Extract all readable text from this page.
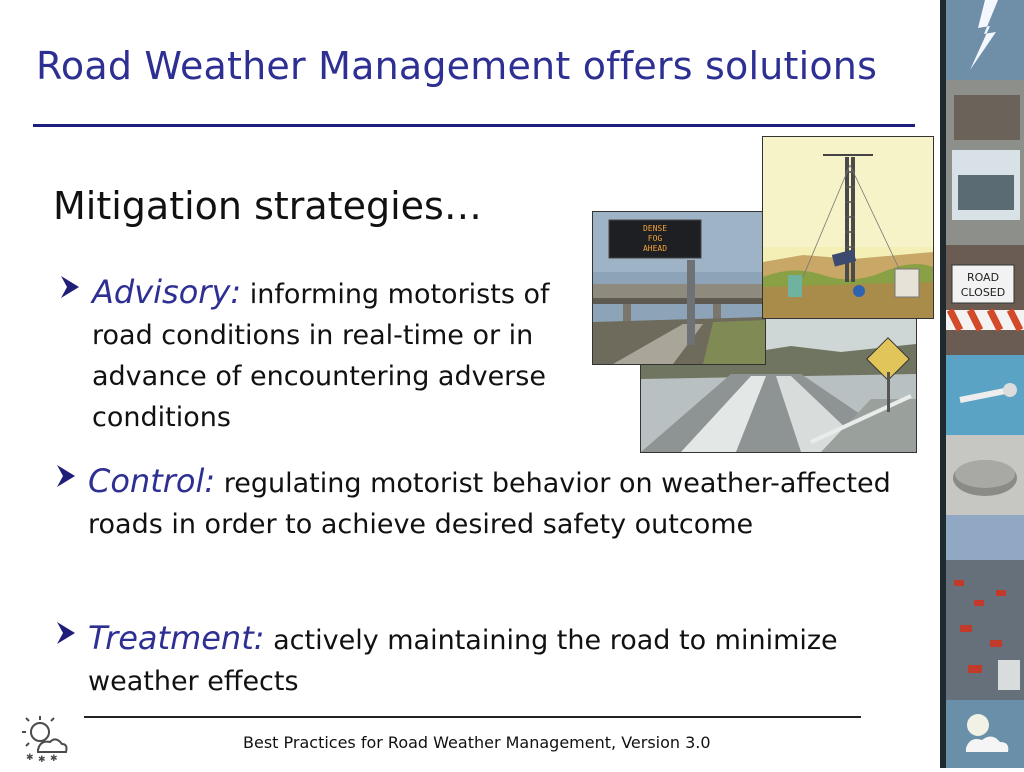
Road Weather Management offers solutions
Mitigation strategies…
Advisory: informing motorists of road conditions in real-time or in advance of encountering adverse conditions
Control: regulating motorist behavior on weather-affected roads in order to achieve desired safety outcome
Treatment: actively maintaining the road to minimize weather effects
DENSE
FOG
AHEAD
ROAD
CLOSED
Best Practices for Road Weather Management, Version 3.0
✱ ✱ ✱
